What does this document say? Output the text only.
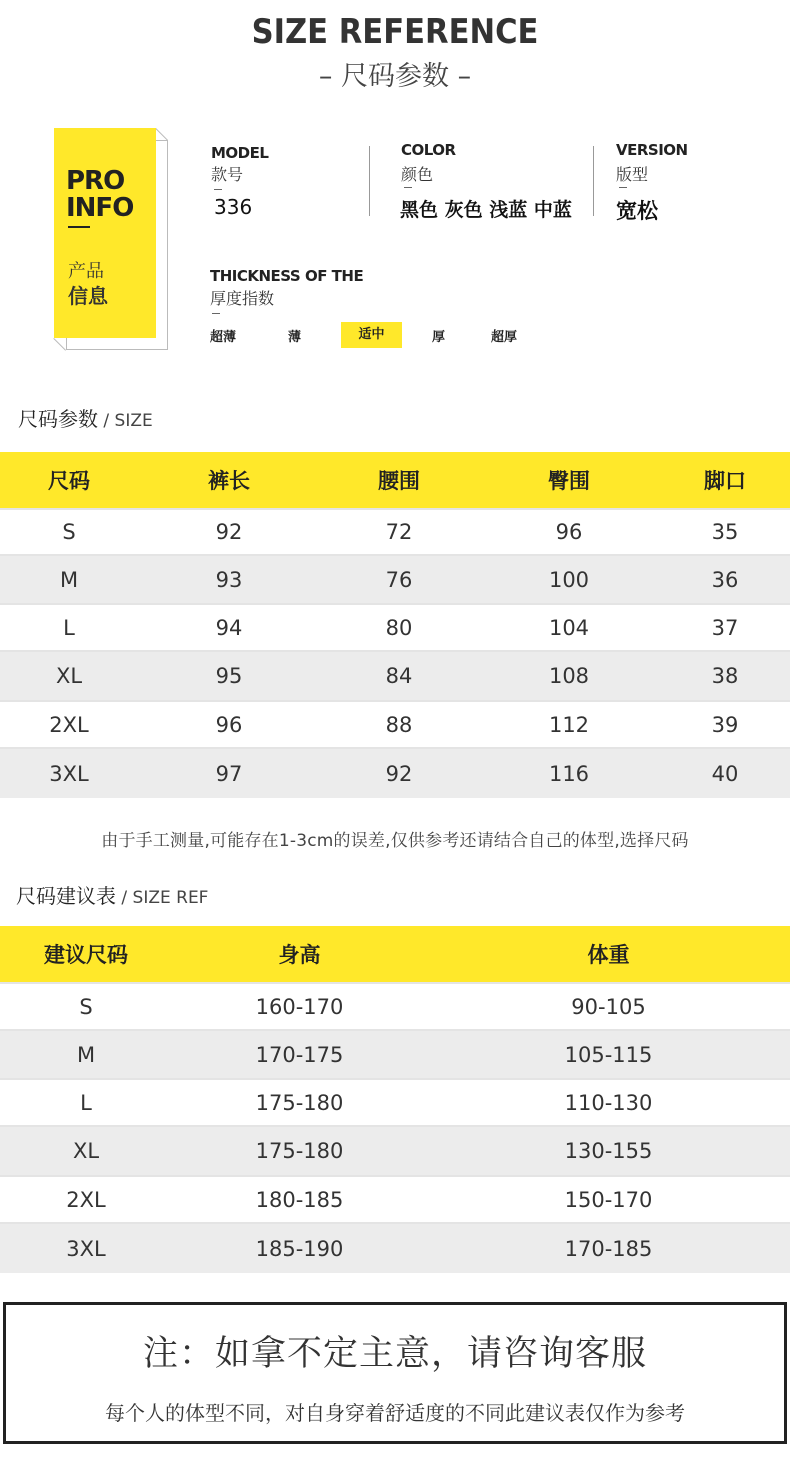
SIZE REFERENCE
– 尺码参数 –
PRO
INFO
产品
信息
MODEL
款号
336
COLOR
颜色
黑色 灰色 浅蓝 中蓝
VERSION
版型
宽松
THICKNESS OF THE
厚度指数
超薄	薄	适中	厚	超厚
尺码参数 / SIZE
尺码	裤长	腰围	臀围	脚口
S	92	72	96	35
M	93	76	100	36
L	94	80	104	37
XL	95	84	108	38
2XL	96	88	112	39
3XL	97	92	116	40
由于手工测量,可能存在1-3cm的误差,仅供参考还请结合自己的体型,选择尺码
尺码建议表 / SIZE REF
建议尺码	身高	体重
S	160-170	90-105
M	170-175	105-115
L	175-180	110-130
XL	175-180	130-155
2XL	180-185	150-170
3XL	185-190	170-185
注：如拿不定主意，请咨询客服
每个人的体型不同，对自身穿着舒适度的不同此建议表仅作为参考
